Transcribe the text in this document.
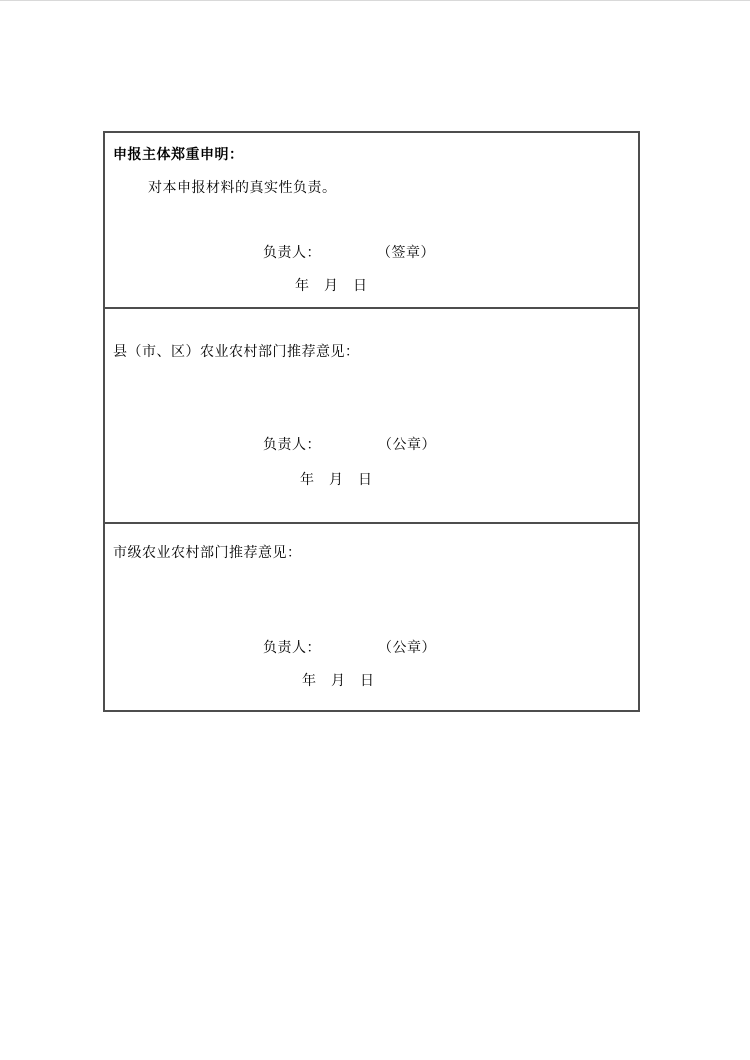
申报主体郑重申明：
对本申报材料的真实性负责。
负责人：	（签章）
年　月　日
县（市、区）农业农村部门推荐意见：
负责人：	（公章）
年　月　日
市级农业农村部门推荐意见：
负责人：	（公章）
年　月　日
